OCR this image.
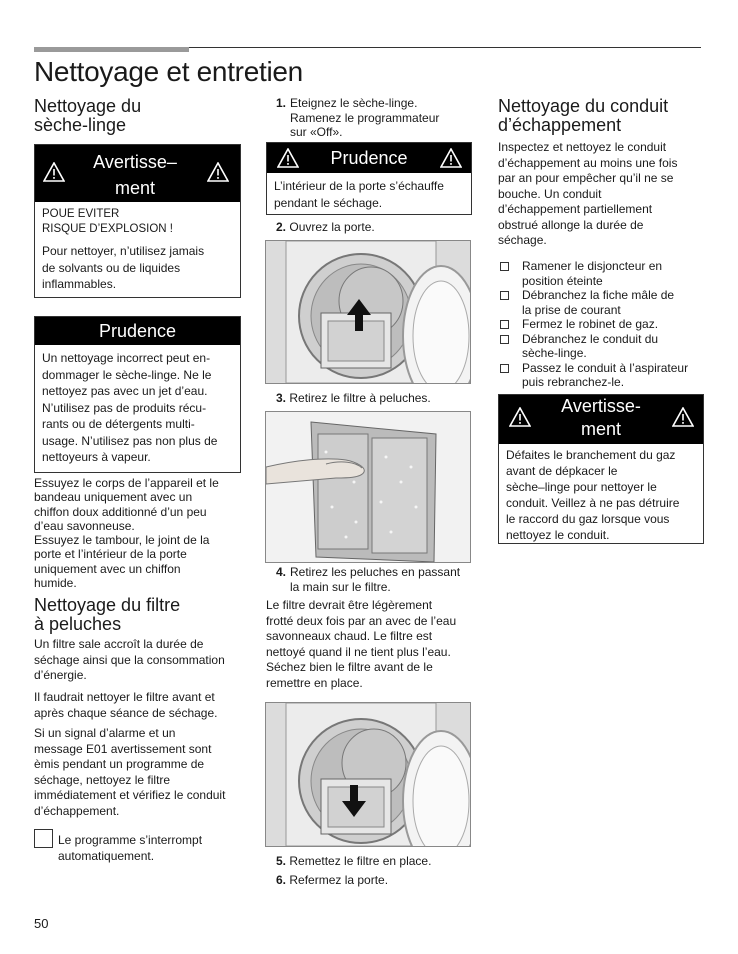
Nettoyage et entretien
Nettoyage du
sèche-linge
Avertisse–
ment
POUE EVITER
RISQUE D’EXPLOSION !
Pour nettoyer, n’utilisez jamais
de solvants ou de liquides
inflammables.
Prudence
Un nettoyage incorrect peut en-
dommager le sèche-linge. Ne le
nettoyez pas avec un jet d’eau.
N’utilisez pas de produits récu-
rants ou de détergents multi-
usage. N’utilisez pas non plus de
nettoyeurs à vapeur.
Essuyez le corps de l’appareil et le
bandeau uniquement avec un
chiffon doux additionné d’un peu
d’eau savonneuse.
Essuyez le tambour, le joint de la
porte et l’intérieur de la porte
uniquement avec un chiffon
humide.
Nettoyage du filtre
à peluches
Un filtre sale accroît la durée de
séchage ainsi que la consommation
d’énergie.
Il faudrait nettoyer le filtre avant et
après chaque séance de séchage.
Si un signal d’alarme et un
message E01 avertissement sont
èmis pendant un programme de
séchage, nettoyez le filtre
immédiatement et vérifiez le conduit
d’échappement.
Le programme s’interrompt
automatiquement.
1. Eteignez le sèche-linge.
Ramenez le programmateur
sur «Off».
Prudence
L’intérieur de la porte s’échauffe
pendant le séchage.
2. Ouvrez la porte.
3. Retirez le filtre à peluches.
4. Retirez les peluches en passant
la main sur le filtre.
Le filtre devrait être légèrement
frotté deux fois par an avec de l’eau
savonneaux chaud. Le filtre est
nettoyé quand il ne tient plus l’eau.
Séchez bien le filtre avant de le
remettre en place.
5. Remettez le filtre en place.
6. Refermez la porte.
Nettoyage du conduit
d’échappement
Inspectez et nettoyez le conduit
d’échappement au moins une fois
par an pour empêcher qu’il ne se
bouche. Un conduit
d’échappement partiellement
obstrué allonge la durée de
séchage.
Ramener le disjoncteur en
position éteinte
Débranchez la fiche mâle de
la prise de courant
Fermez le robinet de gaz.
Débranchez le conduit du
sèche-linge.
Passez le conduit à l’aspirateur
puis rebranchez-le.
Avertisse-
ment
Défaites le branchement du gaz
avant de dépkacer le
sèche–linge pour nettoyer le
conduit. Veillez à ne pas détruire
le raccord du gaz lorsque vous
nettoyez le conduit.
50
